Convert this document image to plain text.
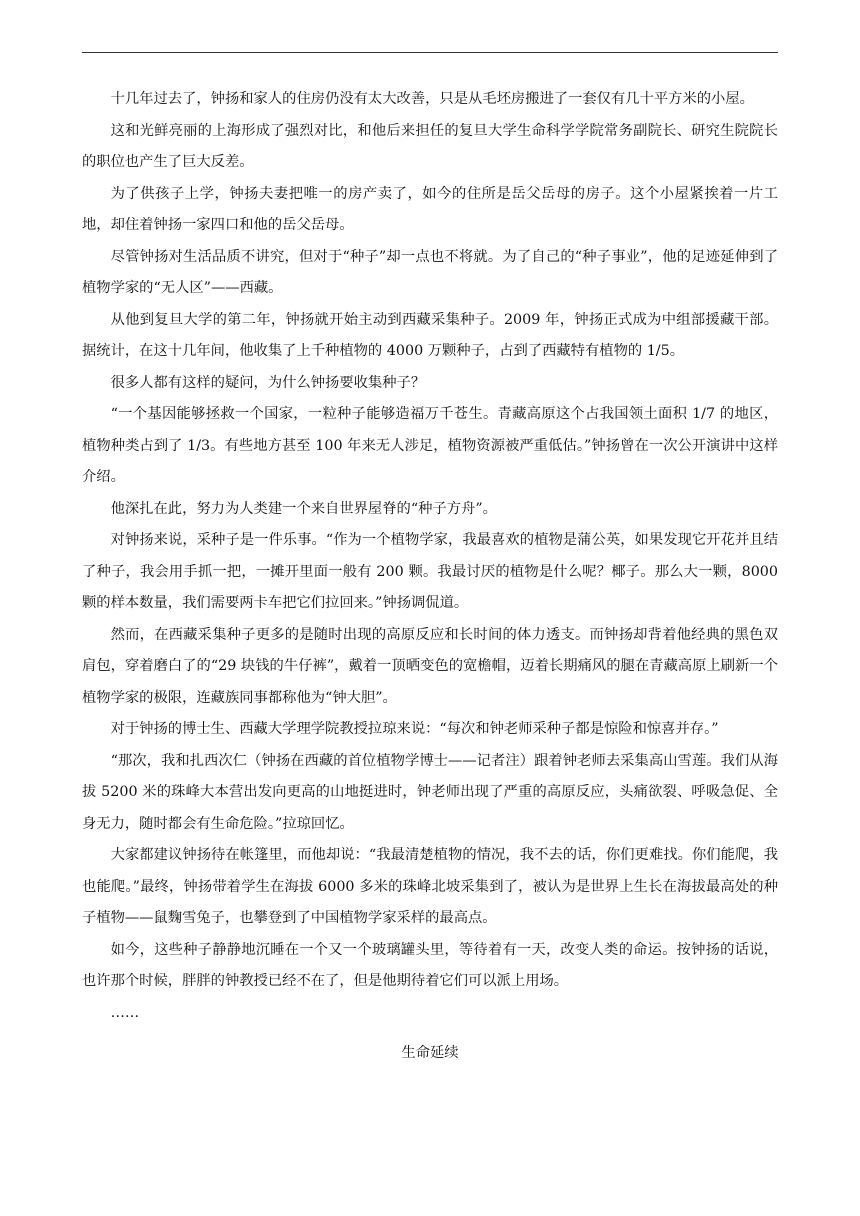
十几年过去了，钟扬和家人的住房仍没有太大改善，只是从毛坯房搬进了一套仅有几十平方米的小屋。

这和光鲜亮丽的上海形成了强烈对比，和他后来担任的复旦大学生命科学学院常务副院长、研究生院院长的职位也产生了巨大反差。

为了供孩子上学，钟扬夫妻把唯一的房产卖了，如今的住所是岳父岳母的房子。这个小屋紧挨着一片工地，却住着钟扬一家四口和他的岳父岳母。

尽管钟扬对生活品质不讲究，但对于“种子”却一点也不将就。为了自己的“种子事业”，他的足迹延伸到了植物学家的“无人区”——西藏。

从他到复旦大学的第二年，钟扬就开始主动到西藏采集种子。2009 年，钟扬正式成为中组部援藏干部。据统计，在这十几年间，他收集了上千种植物的 4000 万颗种子，占到了西藏特有植物的 1/5。

很多人都有这样的疑问，为什么钟扬要收集种子？

“一个基因能够拯救一个国家，一粒种子能够造福万千苍生。青藏高原这个占我国领土面积 1/7 的地区，植物种类占到了 1/3。有些地方甚至 100 年来无人涉足，植物资源被严重低估。”钟扬曾在一次公开演讲中这样介绍。

他深扎在此，努力为人类建一个来自世界屋脊的“种子方舟”。

对钟扬来说，采种子是一件乐事。“作为一个植物学家，我最喜欢的植物是蒲公英，如果发现它开花并且结了种子，我会用手抓一把，一摊开里面一般有 200 颗。我最讨厌的植物是什么呢？椰子。那么大一颗，8000 颗的样本数量，我们需要两卡车把它们拉回来。”钟扬调侃道。

然而，在西藏采集种子更多的是随时出现的高原反应和长时间的体力透支。而钟扬却背着他经典的黑色双肩包，穿着磨白了的“29 块钱的牛仔裤”，戴着一顶晒变色的宽檐帽，迈着长期痛风的腿在青藏高原上刷新一个植物学家的极限，连藏族同事都称他为“钟大胆”。

对于钟扬的博士生、西藏大学理学院教授拉琼来说：“每次和钟老师采种子都是惊险和惊喜并存。”

“那次，我和扎西次仁（钟扬在西藏的首位植物学博士——记者注）跟着钟老师去采集高山雪莲。我们从海拔 5200 米的珠峰大本营出发向更高的山地挺进时，钟老师出现了严重的高原反应，头痛欲裂、呼吸急促、全身无力，随时都会有生命危险。”拉琼回忆。

大家都建议钟扬待在帐篷里，而他却说：“我最清楚植物的情况，我不去的话，你们更难找。你们能爬，我也能爬。”最终，钟扬带着学生在海拔 6000 多米的珠峰北坡采集到了，被认为是世界上生长在海拔最高处的种子植物——鼠麴雪兔子，也攀登到了中国植物学家采样的最高点。

如今，这些种子静静地沉睡在一个又一个玻璃罐头里，等待着有一天，改变人类的命运。按钟扬的话说，也许那个时候，胖胖的钟教授已经不在了，但是他期待着它们可以派上用场。

……

生命延续
